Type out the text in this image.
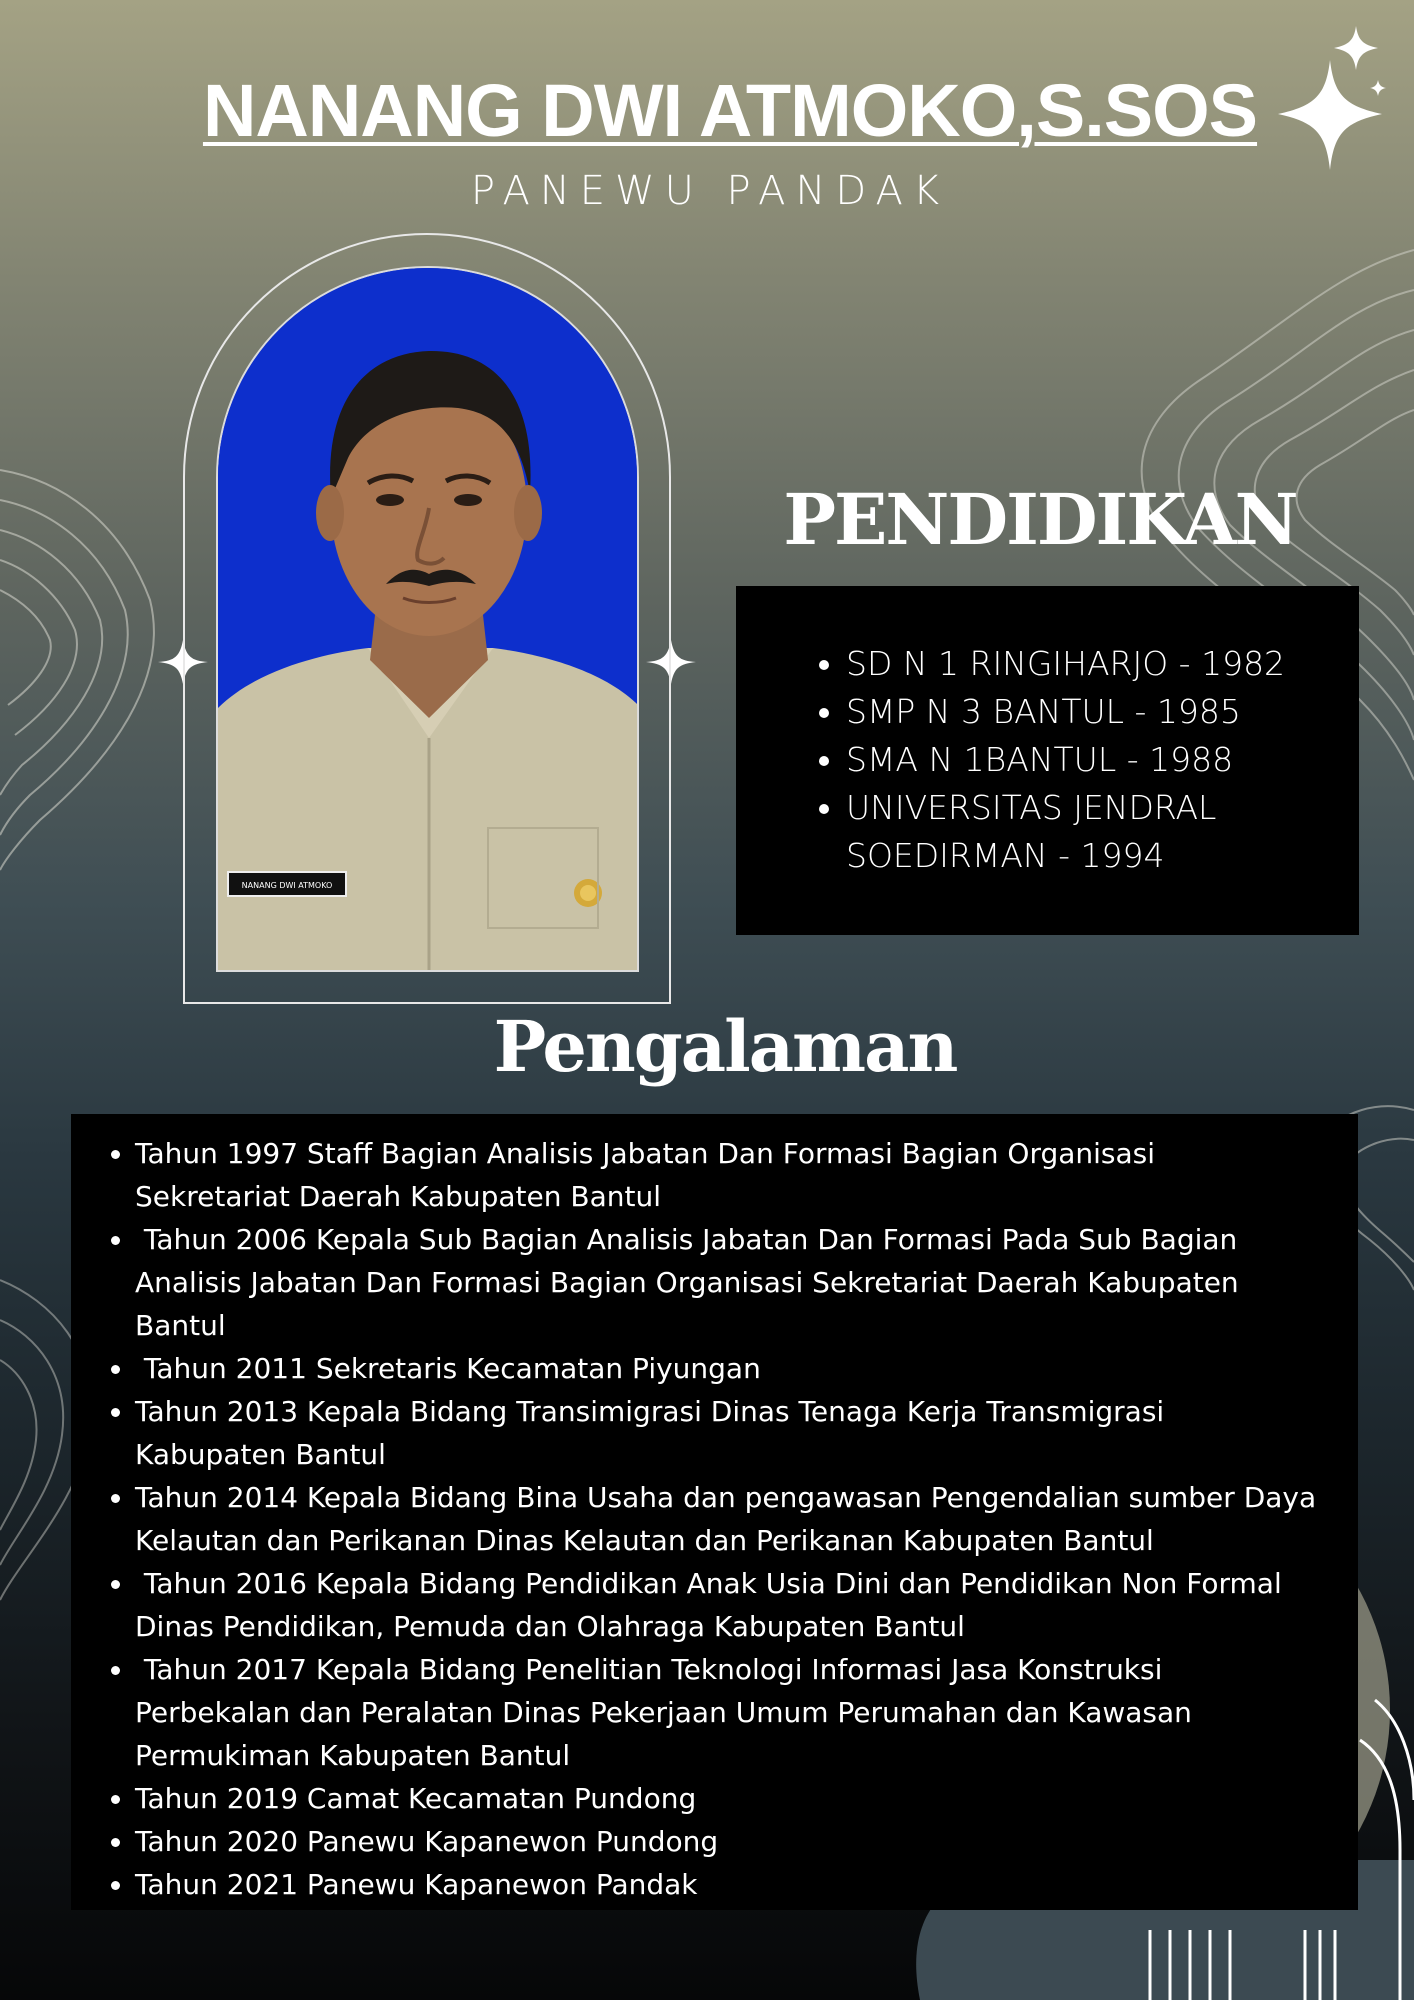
NANANG DWI ATMOKO,S.SOS
PANEWU PANDAK
NANANG DWI ATMOKO
PENDIDIKAN
• SD N 1 RINGIHARJO - 1982
• SMP N 3 BANTUL - 1985
• SMA N 1BANTUL - 1988
• UNIVERSITAS JENDRAL SOEDIRMAN - 1994
Pengalaman
• Tahun 1997 Staff Bagian Analisis Jabatan Dan Formasi Bagian Organisasi Sekretariat Daerah Kabupaten Bantul
•  Tahun 2006 Kepala Sub Bagian Analisis Jabatan Dan Formasi Pada Sub Bagian Analisis Jabatan Dan Formasi Bagian Organisasi Sekretariat Daerah Kabupaten Bantul
•  Tahun 2011 Sekretaris Kecamatan Piyungan
• Tahun 2013 Kepala Bidang Transimigrasi Dinas Tenaga Kerja Transmigrasi Kabupaten Bantul
• Tahun 2014 Kepala Bidang Bina Usaha dan pengawasan Pengendalian sumber Daya Kelautan dan Perikanan Dinas Kelautan dan Perikanan Kabupaten Bantul
•  Tahun 2016 Kepala Bidang Pendidikan Anak Usia Dini dan Pendidikan Non Formal Dinas Pendidikan, Pemuda dan Olahraga Kabupaten Bantul
•  Tahun 2017 Kepala Bidang Penelitian Teknologi Informasi Jasa Konstruksi Perbekalan dan Peralatan Dinas Pekerjaan Umum Perumahan dan Kawasan Permukiman Kabupaten Bantul
• Tahun 2019 Camat Kecamatan Pundong
• Tahun 2020 Panewu Kapanewon Pundong
• Tahun 2021 Panewu Kapanewon Pandak
